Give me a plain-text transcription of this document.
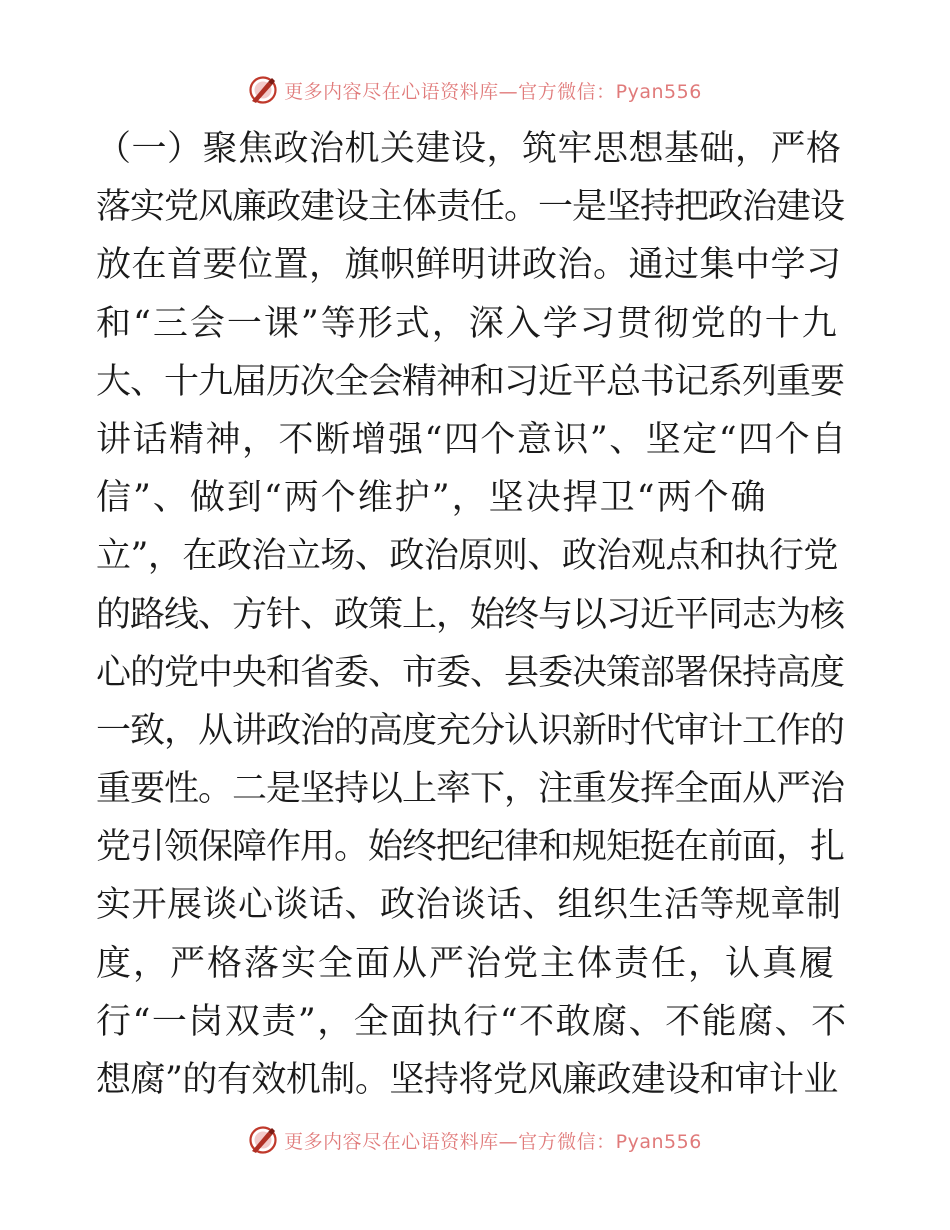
更多内容尽在心语资料库—官方微信：Pyan556
（一）聚焦政治机关建设，筑牢思想基础，严格
落实党风廉政建设主体责任。一是坚持把政治建设
放在首要位置，旗帜鲜明讲政治。通过集中学习
和“三会一课”等形式，深入学习贯彻党的十九
大、十九届历次全会精神和习近平总书记系列重要
讲话精神，不断增强“四个意识”、坚定“四个自
信”、做到“两个维护”，坚决捍卫“两个确
立”，在政治立场、政治原则、政治观点和执行党
的路线、方针、政策上，始终与以习近平同志为核
心的党中央和省委、市委、县委决策部署保持高度
一致，从讲政治的高度充分认识新时代审计工作的
重要性。二是坚持以上率下，注重发挥全面从严治
党引领保障作用。始终把纪律和规矩挺在前面，扎
实开展谈心谈话、政治谈话、组织生活等规章制
度，严格落实全面从严治党主体责任，认真履
行“一岗双责”，全面执行“不敢腐、不能腐、不
想腐”的有效机制。坚持将党风廉政建设和审计业
更多内容尽在心语资料库—官方微信：Pyan556
